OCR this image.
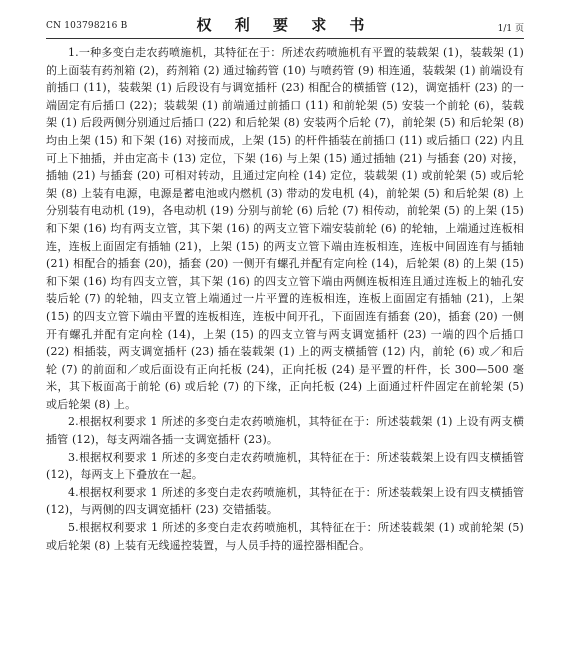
CN 103798216 B	权 利 要 求 书	1/1 页

1.一种多变白走农药喷施机，其特征在于：所述农药喷施机有平置的装载架 (1)，装载架 (1) 的上面装有药剂箱 (2)，药剂箱 (2) 通过输药管 (10) 与喷药管 (9) 相连通，装载架 (1) 前端设有前插口 (11)，装载架 (1) 后段设有与调宽插杆 (23) 相配合的横插管 (12)，调宽插杆 (23) 的一端固定有后插口 (22)；装载架 (1) 前端通过前插口 (11) 和前轮架 (5) 安装一个前轮 (6)，装载架 (1) 后段两侧分别通过后插口 (22) 和后轮架 (8) 安装两个后轮 (7)，前轮架 (5) 和后轮架 (8) 均由上架 (15) 和下架 (16) 对接而成，上架 (15) 的杆件插装在前插口 (11) 或后插口 (22) 内且可上下抽插，并由定高卡 (13) 定位，下架 (16) 与上架 (15) 通过插轴 (21) 与插套 (20) 对接，插轴 (21) 与插套 (20) 可相对转动，且通过定向栓 (14) 定位，装载架 (1) 或前轮架 (5) 或后轮架 (8) 上装有电源，电源是蓄电池或内燃机 (3) 带动的发电机 (4)，前轮架 (5) 和后轮架 (8) 上分别装有电动机 (19)，各电动机 (19) 分别与前轮 (6) 后轮 (7) 相传动，前轮架 (5) 的上架 (15) 和下架 (16) 均有两支立管，其下架 (16) 的两支立管下端安装前轮 (6) 的轮轴，上端通过连板相连，连板上面固定有插轴 (21)，上架 (15) 的两支立管下端由连板相连，连板中间固连有与插轴 (21) 相配合的插套 (20)，插套 (20) 一侧开有螺孔并配有定向栓 (14)，后轮架 (8) 的上架 (15) 和下架 (16) 均有四支立管，其下架 (16) 的四支立管下端由两侧连板相连且通过连板上的轴孔安装后轮 (7) 的轮轴，四支立管上端通过一片平置的连板相连，连板上面固定有插轴 (21)，上架 (15) 的四支立管下端由平置的连板相连，连板中间开孔，下面固连有插套 (20)，插套 (20) 一侧开有螺孔并配有定向栓 (14)，上架 (15) 的四支立管与两支调宽插杆 (23) 一端的四个后插口 (22) 相插装，两支调宽插杆 (23) 插在装载架 (1) 上的两支横插管 (12) 内，前轮 (6) 或／和后轮 (7) 的前面和／或后面设有正向托板 (24)，正向托板 (24) 是平置的杆件，长 300—500 毫米，其下板面高于前轮 (6) 或后轮 (7) 的下缘，正向托板 (24) 上面通过杆件固定在前轮架 (5) 或后轮架 (8) 上。

2.根据权利要求 1 所述的多变白走农药喷施机，其特征在于：所述装载架 (1) 上设有两支横插管 (12)，每支两端各插一支调宽插杆 (23)。

3.根据权利要求 1 所述的多变白走农药喷施机，其特征在于：所述装载架上设有四支横插管 (12)，每两支上下叠放在一起。

4.根据权利要求 1 所述的多变白走农药喷施机，其特征在于：所述装载架上设有四支横插管 (12)，与两侧的四支调宽插杆 (23) 交错插装。

5.根据权利要求 1 所述的多变白走农药喷施机，其特征在于：所述装载架 (1) 或前轮架 (5) 或后轮架 (8) 上装有无线遥控装置，与人员手持的遥控器相配合。
